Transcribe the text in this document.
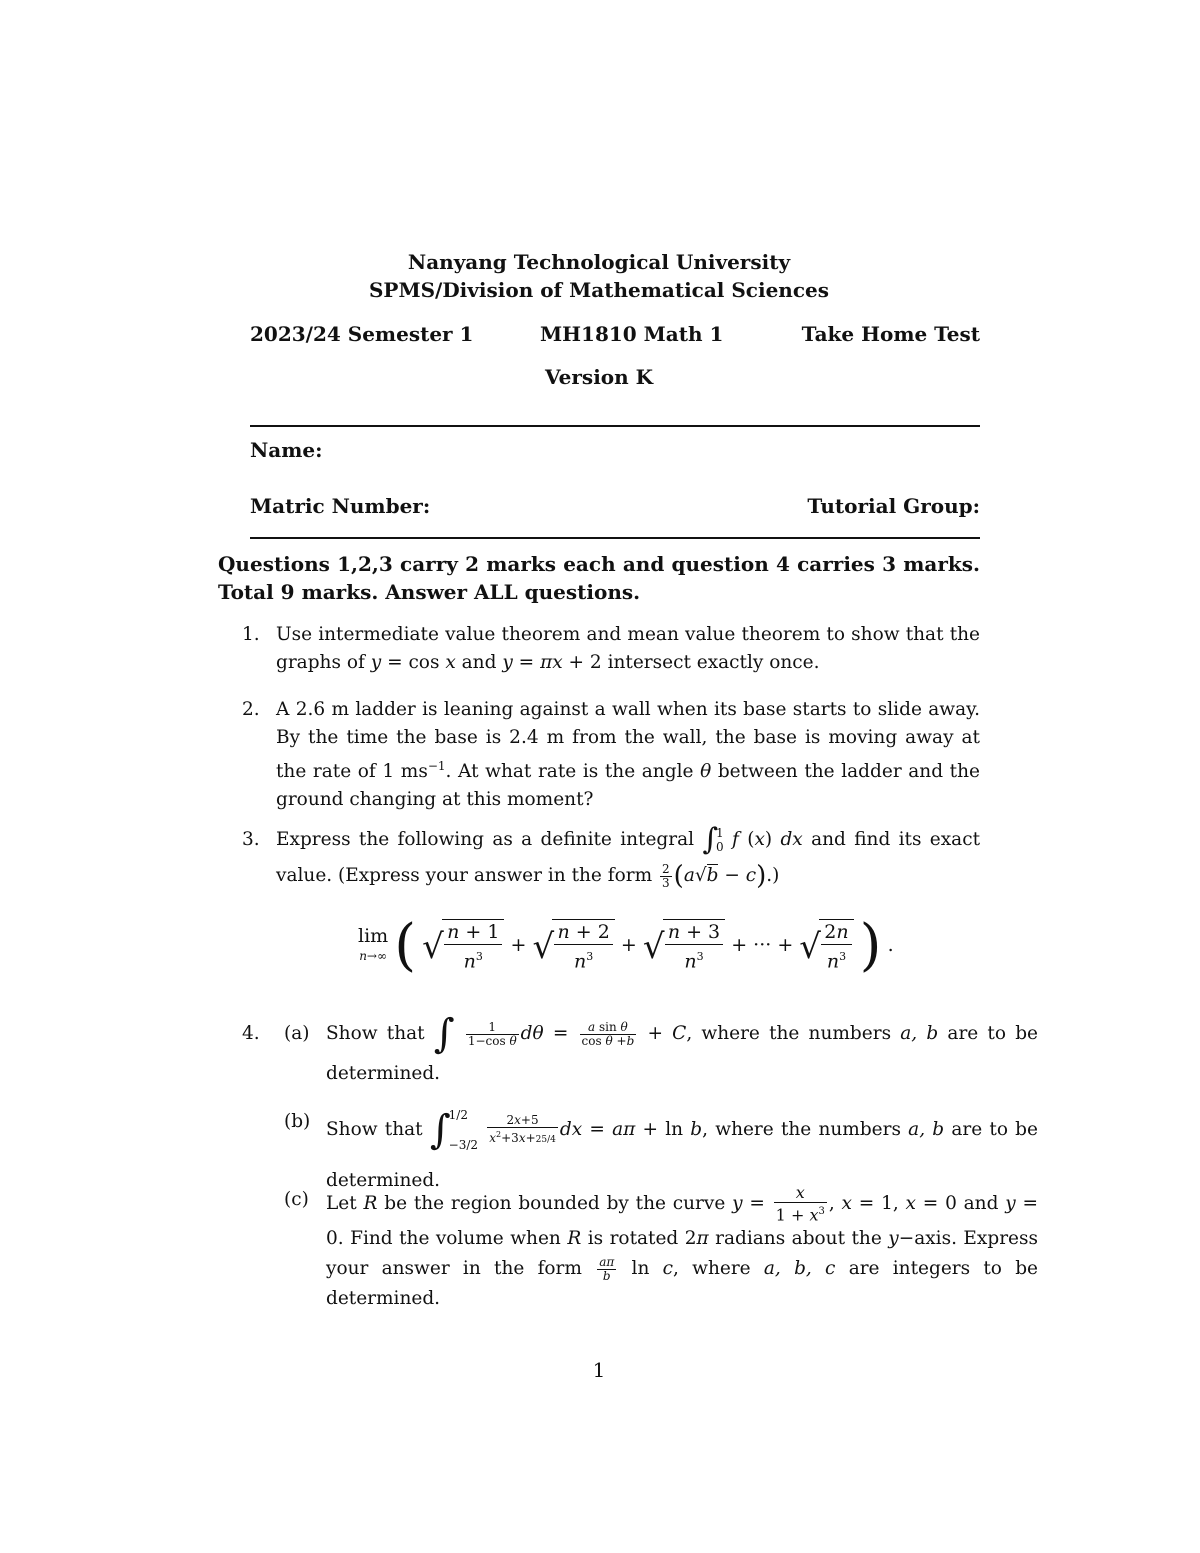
Nanyang Technological University
SPMS/Division of Mathematical Sciences
2023/24 Semester 1	MH1810 Math 1	Take Home Test
Version K
Name:
Matric Number:	Tutorial Group:
Questions 1,2,3 carry 2 marks each and question 4 carries 3 marks. Total 9 marks. Answer ALL questions.
1. Use intermediate value theorem and mean value theorem to show that the graphs of y = cos x and y = πx + 2 intersect exactly once.
2. A 2.6 m ladder is leaning against a wall when its base starts to slide away. By the time the base is 2.4 m from the wall, the base is moving away at the rate of 1 $ms^{-1}$. At what rate is the angle θ between the ladder and the ground changing at this moment?
3. Express the following as a definite integral ∫
1
0 f (x) dx and find its exact value. (Express your answer in the form $\frac{2}{3} (a√b - c)$.)
lim
n→∞ ( √ $\frac{n + 1}{n^3}$ + √ $\frac{n + 2}{n^3}$ + √ $\frac{n + 3}{n^3}$ + ··· + √ $\frac{2n}{n^3}$ ) .
4. (a) Show that ∫ $\frac{1}{\text{1−cos θ}}$ $d\theta = \frac{\text{a sin θ}}{\text{cos θ +b}} + C$, where the numbers a, b are to be determined.
(b) Show that ∫
1/2
−3/2
$\frac{2x+5}{x^2+3x+25/4}$ dx = aπ + ln b, where the numbers a, b are to be determined.
(c) Let R be the region bounded by the curve $y = \frac{x}{1 + x^3}$ , x = 1, x = 0 and y = 0. Find the volume when R is rotated 2π radians about the y−axis. Express your answer in the form $\frac{a\pi}{b}$ ln c, where a, b, c are integers to be determined.
1
